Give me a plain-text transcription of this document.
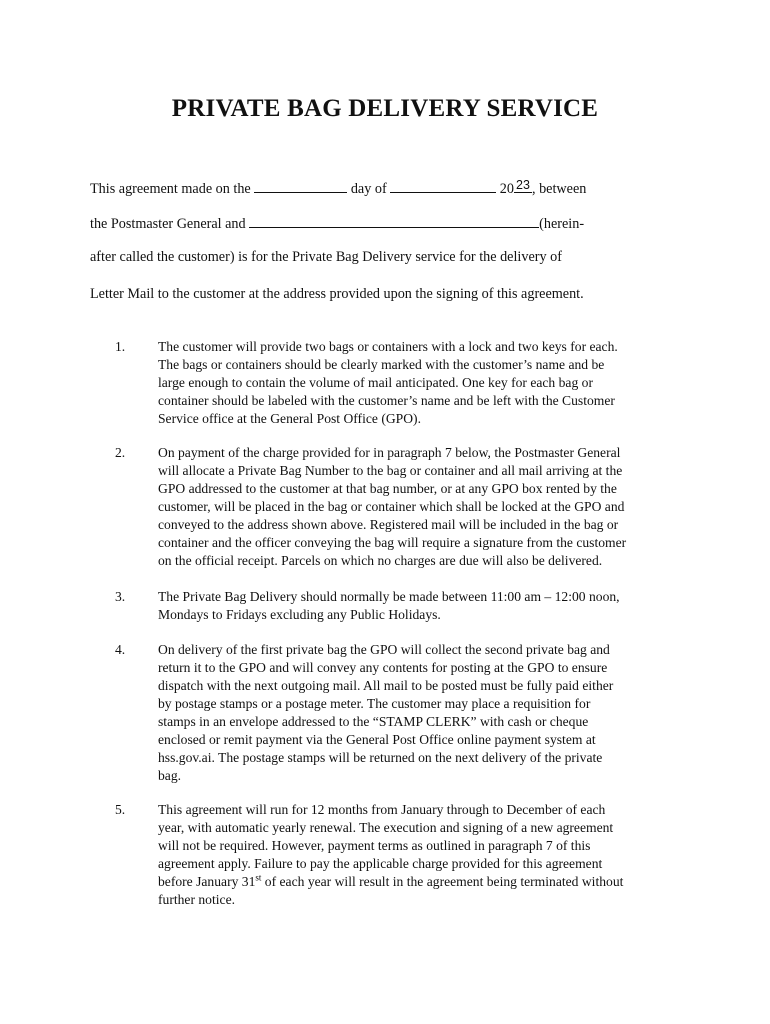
PRIVATE BAG DELIVERY SERVICE
This agreement made on the	day of	20 23 , between
the Postmaster General and	(herein-
after called the customer) is for the Private Bag Delivery service for the delivery of
Letter Mail to the customer at the address provided upon the signing of this agreement.
1. The customer will provide two bags or containers with a lock and two keys for each.
The bags or containers should be clearly marked with the customer’s name and be
large enough to contain the volume of mail anticipated. One key for each bag or
container should be labeled with the customer’s name and be left with the Customer
Service office at the General Post Office (GPO).
2. On payment of the charge provided for in paragraph 7 below, the Postmaster General
will allocate a Private Bag Number to the bag or container and all mail arriving at the
GPO addressed to the customer at that bag number, or at any GPO box rented by the
customer, will be placed in the bag or container which shall be locked at the GPO and
conveyed to the address shown above. Registered mail will be included in the bag or
container and the officer conveying the bag will require a signature from the customer
on the official receipt. Parcels on which no charges are due will also be delivered.
3. The Private Bag Delivery should normally be made between 11:00 am – 12:00 noon,
Mondays to Fridays excluding any Public Holidays.
4. On delivery of the first private bag the GPO will collect the second private bag and
return it to the GPO and will convey any contents for posting at the GPO to ensure
dispatch with the next outgoing mail. All mail to be posted must be fully paid either
by postage stamps or a postage meter. The customer may place a requisition for
stamps in an envelope addressed to the “STAMP CLERK” with cash or cheque
enclosed or remit payment via the General Post Office online payment system at
hss.gov.ai. The postage stamps will be returned on the next delivery of the private
bag.
5. This agreement will run for 12 months from January through to December of each
year, with automatic yearly renewal. The execution and signing of a new agreement
will not be required. However, payment terms as outlined in paragraph 7 of this
agreement apply. Failure to pay the applicable charge provided for this agreement
before January 31st of each year will result in the agreement being terminated without
further notice.
